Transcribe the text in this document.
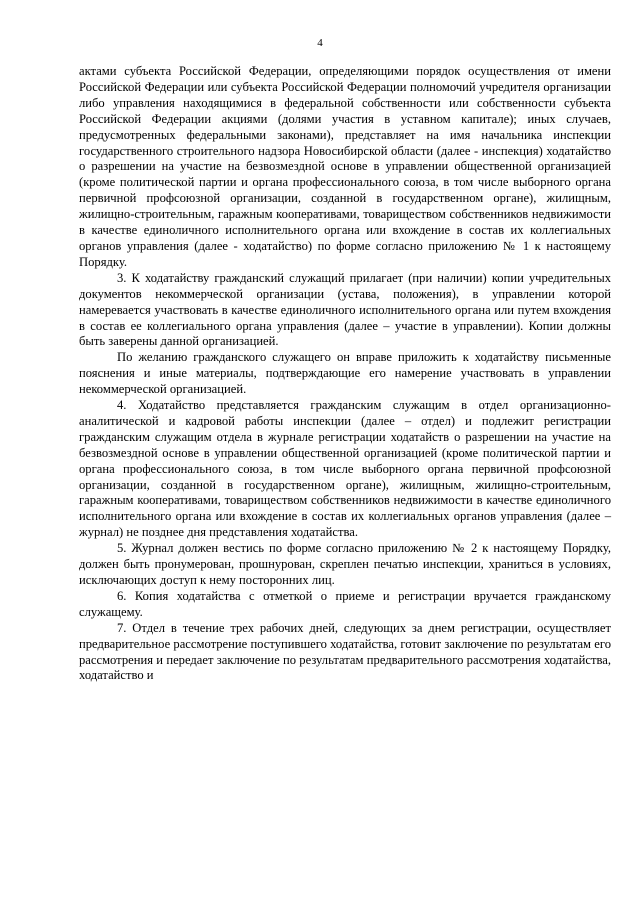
4

актами субъекта Российской Федерации, определяющими порядок осуществления от имени Российской Федерации или субъекта Российской Федерации полномочий учредителя организации либо управления находящимися в федеральной собственности или собственности субъекта Российской Федерации акциями (долями участия в уставном капитале); иных случаев, предусмотренных федеральными законами), представляет на имя начальника инспекции государственного строительного надзора Новосибирской области (далее - инспекция) ходатайство о разрешении на участие на безвозмездной основе в управлении общественной организацией (кроме политической партии и органа профессионального союза, в том числе выборного органа первичной профсоюзной организации, созданной в государственном органе), жилищным, жилищно-строительным, гаражным кооперативами, товариществом собственников недвижимости в качестве единоличного исполнительного органа или вхождение в состав их коллегиальных органов управления (далее - ходатайство) по форме согласно приложению № 1 к настоящему Порядку.

3. К ходатайству гражданский служащий прилагает (при наличии) копии учредительных документов некоммерческой организации (устава, положения), в управлении которой намеревается участвовать в качестве единоличного исполнительного органа или путем вхождения в состав ее коллегиального органа управления (далее – участие в управлении). Копии должны быть заверены данной организацией.

По желанию гражданского служащего он вправе приложить к ходатайству письменные пояснения и иные материалы, подтверждающие его намерение участвовать в управлении некоммерческой организацией.

4. Ходатайство представляется гражданским служащим в отдел организационно-аналитической и кадровой работы инспекции (далее – отдел) и подлежит регистрации гражданским служащим отдела в журнале регистрации ходатайств о разрешении на участие на безвозмездной основе в управлении общественной организацией (кроме политической партии и органа профессионального союза, в том числе выборного органа первичной профсоюзной организации, созданной в государственном органе), жилищным, жилищно-строительным, гаражным кооперативами, товариществом собственников недвижимости в качестве единоличного исполнительного органа или вхождение в состав их коллегиальных органов управления (далее – журнал) не позднее дня представления ходатайства.

5. Журнал должен вестись по форме согласно приложению № 2 к настоящему Порядку, должен быть пронумерован, прошнурован, скреплен печатью инспекции, храниться в условиях, исключающих доступ к нему посторонних лиц.

6. Копия ходатайства с отметкой о приеме и регистрации вручается гражданскому служащему.

7. Отдел в течение трех рабочих дней, следующих за днем регистрации, осуществляет предварительное рассмотрение поступившего ходатайства, готовит заключение по результатам его рассмотрения и передает заключение по результатам предварительного рассмотрения ходатайства, ходатайство и
